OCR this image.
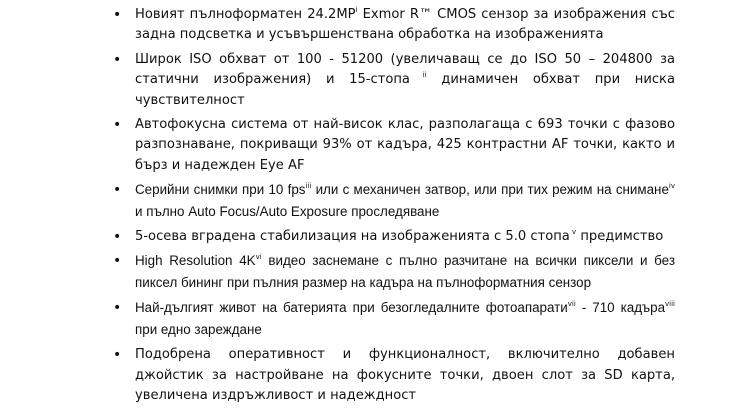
• Новият пълноформатен $24.2MP^i$ Exmor R™ CMOS сензор за изображения със задна подсветка и усъвършенствана обработка на изображенията
• Широк ISO обхват от 100 - 51200 (увеличаващ се до ISO 50 – 204800 за статични изображения) и 15-стопа $^{ii}$ динамичен обхват при ниска чувствителност
• Автофокусна система от най-висок клас, разполагаща с 693 точки с фазово разпознаване, покриващи 93% от кадъра, 425 контрастни AF точки, както и бърз и надежден Eye AF
• Серийни снимки при 10 fps$^{iii}$ или с механичен затвор, или при тих режим на снимане$^{iv}$ и пълно Auto Focus/Auto Exposure проследяване
• 5-осева вградена стабилизация на изображенията с 5.0 стопа $^v$ предимство
• High Resolution $4K^{vi}$ видео заснемане с пълно разчитане на всички пиксели и без пиксел бининг при пълния размер на кадъра на пълноформатния сензор
• Най-дългият живот на батерията при безогледалните фотоапарати$^{vii}$ - 710 кадъра$^{viii}$ при едно зареждане
• Подобрена оперативност и функционалност, включително добавен джойстик за настройване на фокусните точки, двоен слот за SD карта, увеличена издръжливост и надеждност
